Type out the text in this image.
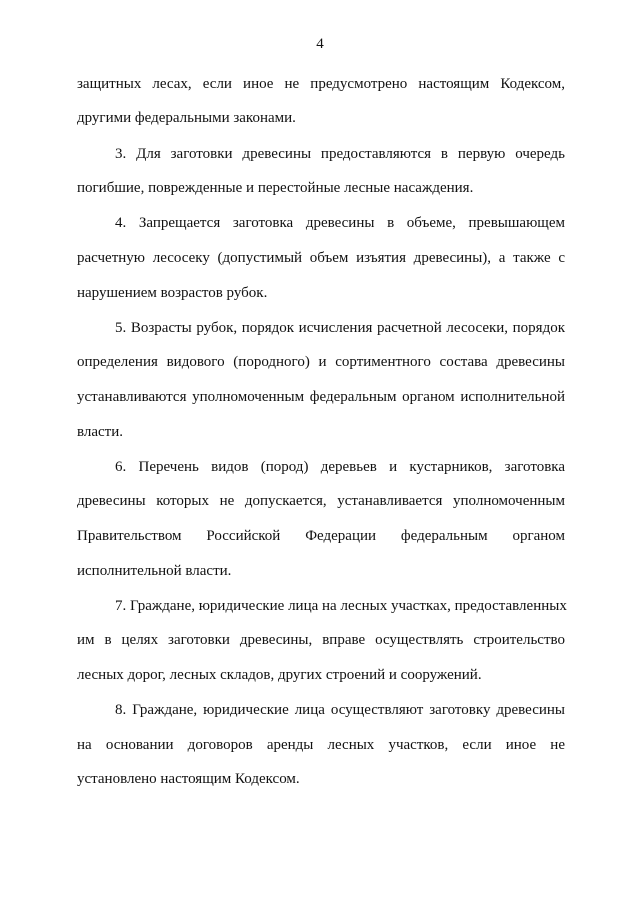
4
защитных лесах, если иное не предусмотрено настоящим Кодексом,
другими федеральными законами.
3. Для заготовки древесины предоставляются в первую очередь
погибшие, поврежденные и перестойные лесные насаждения.
4. Запрещается заготовка древесины в объеме, превышающем
расчетную лесосеку (допустимый объем изъятия древесины), а также с
нарушением возрастов рубок.
5. Возрасты рубок, порядок исчисления расчетной лесосеки, порядок
определения видового (породного) и сортиментного состава древесины
устанавливаются уполномоченным федеральным органом исполнительной
власти.
6. Перечень видов (пород) деревьев и кустарников, заготовка
древесины которых не допускается, устанавливается уполномоченным
Правительством Российской Федерации федеральным органом
исполнительной власти.
7. Граждане, юридические лица на лесных участках, предоставленных
им в целях заготовки древесины, вправе осуществлять строительство
лесных дорог, лесных складов, других строений и сооружений.
8. Граждане, юридические лица осуществляют заготовку древесины
на основании договоров аренды лесных участков, если иное не
установлено настоящим Кодексом.
